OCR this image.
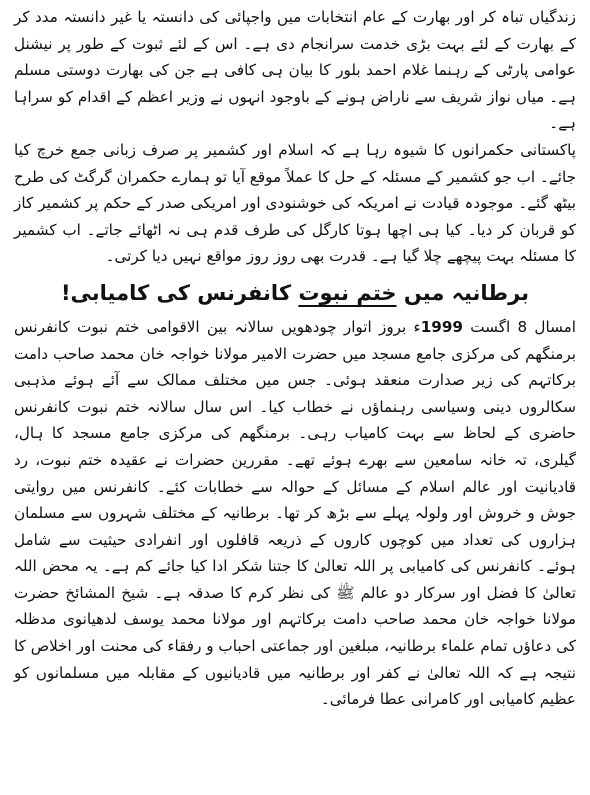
زندگیاں تباہ کر اور بھارت کے عام انتخابات میں واجپائی کی دانستہ یا غیر دانستہ مدد کر کے بھارت کے لئے بہت بڑی خدمت سرانجام دی ہے۔ اس کے لئے ثبوت کے طور پر نیشنل عوامی پارٹی کے رہنما غلام احمد بلور کا بیان ہی کافی ہے جن کی بھارت دوستی مسلم ہے۔ میاں نواز شریف سے ناراض ہونے کے باوجود انہوں نے وزیر اعظم کے اقدام کو سراہا ہے۔

پاکستانی حکمرانوں کا شیوہ رہا ہے کہ اسلام اور کشمیر پر صرف زبانی جمع خرچ کیا جائے۔ اب جو کشمیر کے مسئلہ کے حل کا عملاً موقع آیا تو ہمارے حکمران گرگٹ کی طرح بیٹھ گئے۔ موجودہ قیادت نے امریکہ کی خوشنودی اور امریکی صدر کے حکم پر کشمیر کاز کو قربان کر دیا۔ کیا ہی اچھا ہوتا کارگل کی طرف قدم ہی نہ اٹھائے جاتے۔ اب کشمیر کا مسئلہ بہت پیچھے چلا گیا ہے۔ قدرت بھی روز روز مواقع نہیں دیا کرتی۔

برطانیہ میں ختم نبوت کانفرنس کی کامیابی!

امسال 8 اگست 1999ء بروز اتوار چودھویں سالانہ بین الاقوامی ختم نبوت کانفرنس برمنگھم کی مرکزی جامع مسجد میں حضرت الامیر مولانا خواجہ خان محمد صاحب دامت برکاتہم کی زیر صدارت منعقد ہوئی۔ جس میں مختلف ممالک سے آئے ہوئے مذہبی سکالروں دینی وسیاسی رہنماؤں نے خطاب کیا۔ اس سال سالانہ ختم نبوت کانفرنس حاضری کے لحاظ سے بہت کامیاب رہی۔ برمنگھم کی مرکزی جامع مسجد کا ہال، گیلری، تہ خانہ سامعین سے بھرے ہوئے تھے۔ مقررین حضرات نے عقیدہ ختم نبوت، رد قادیانیت اور عالم اسلام کے مسائل کے حوالہ سے خطابات کئے۔ کانفرنس میں روایتی جوش و خروش اور ولولہ پہلے سے بڑھ کر تھا۔ برطانیہ کے مختلف شہروں سے مسلمان ہزاروں کی تعداد میں کوچوں کاروں کے ذریعہ قافلوں اور انفرادی حیثیت سے شامل ہوئے۔ کانفرنس کی کامیابی پر اللہ تعالیٰ کا جتنا شکر ادا کیا جائے کم ہے۔ یہ محض اللہ تعالیٰ کا فضل اور سرکار دو عالم ﷺ کی نظر کرم کا صدقہ ہے۔ شیخ المشائخ حضرت مولانا خواجہ خان محمد صاحب دامت برکاتہم اور مولانا محمد یوسف لدھیانوی مدظلہ کی دعاؤں تمام علماء برطانیہ، مبلغین اور جماعتی احباب و رفقاء کی محنت اور اخلاص کا نتیجہ ہے کہ اللہ تعالیٰ نے کفر اور برطانیہ میں قادیانیوں کے مقابلہ میں مسلمانوں کو عظیم کامیابی اور کامرانی عطا فرمائی۔
